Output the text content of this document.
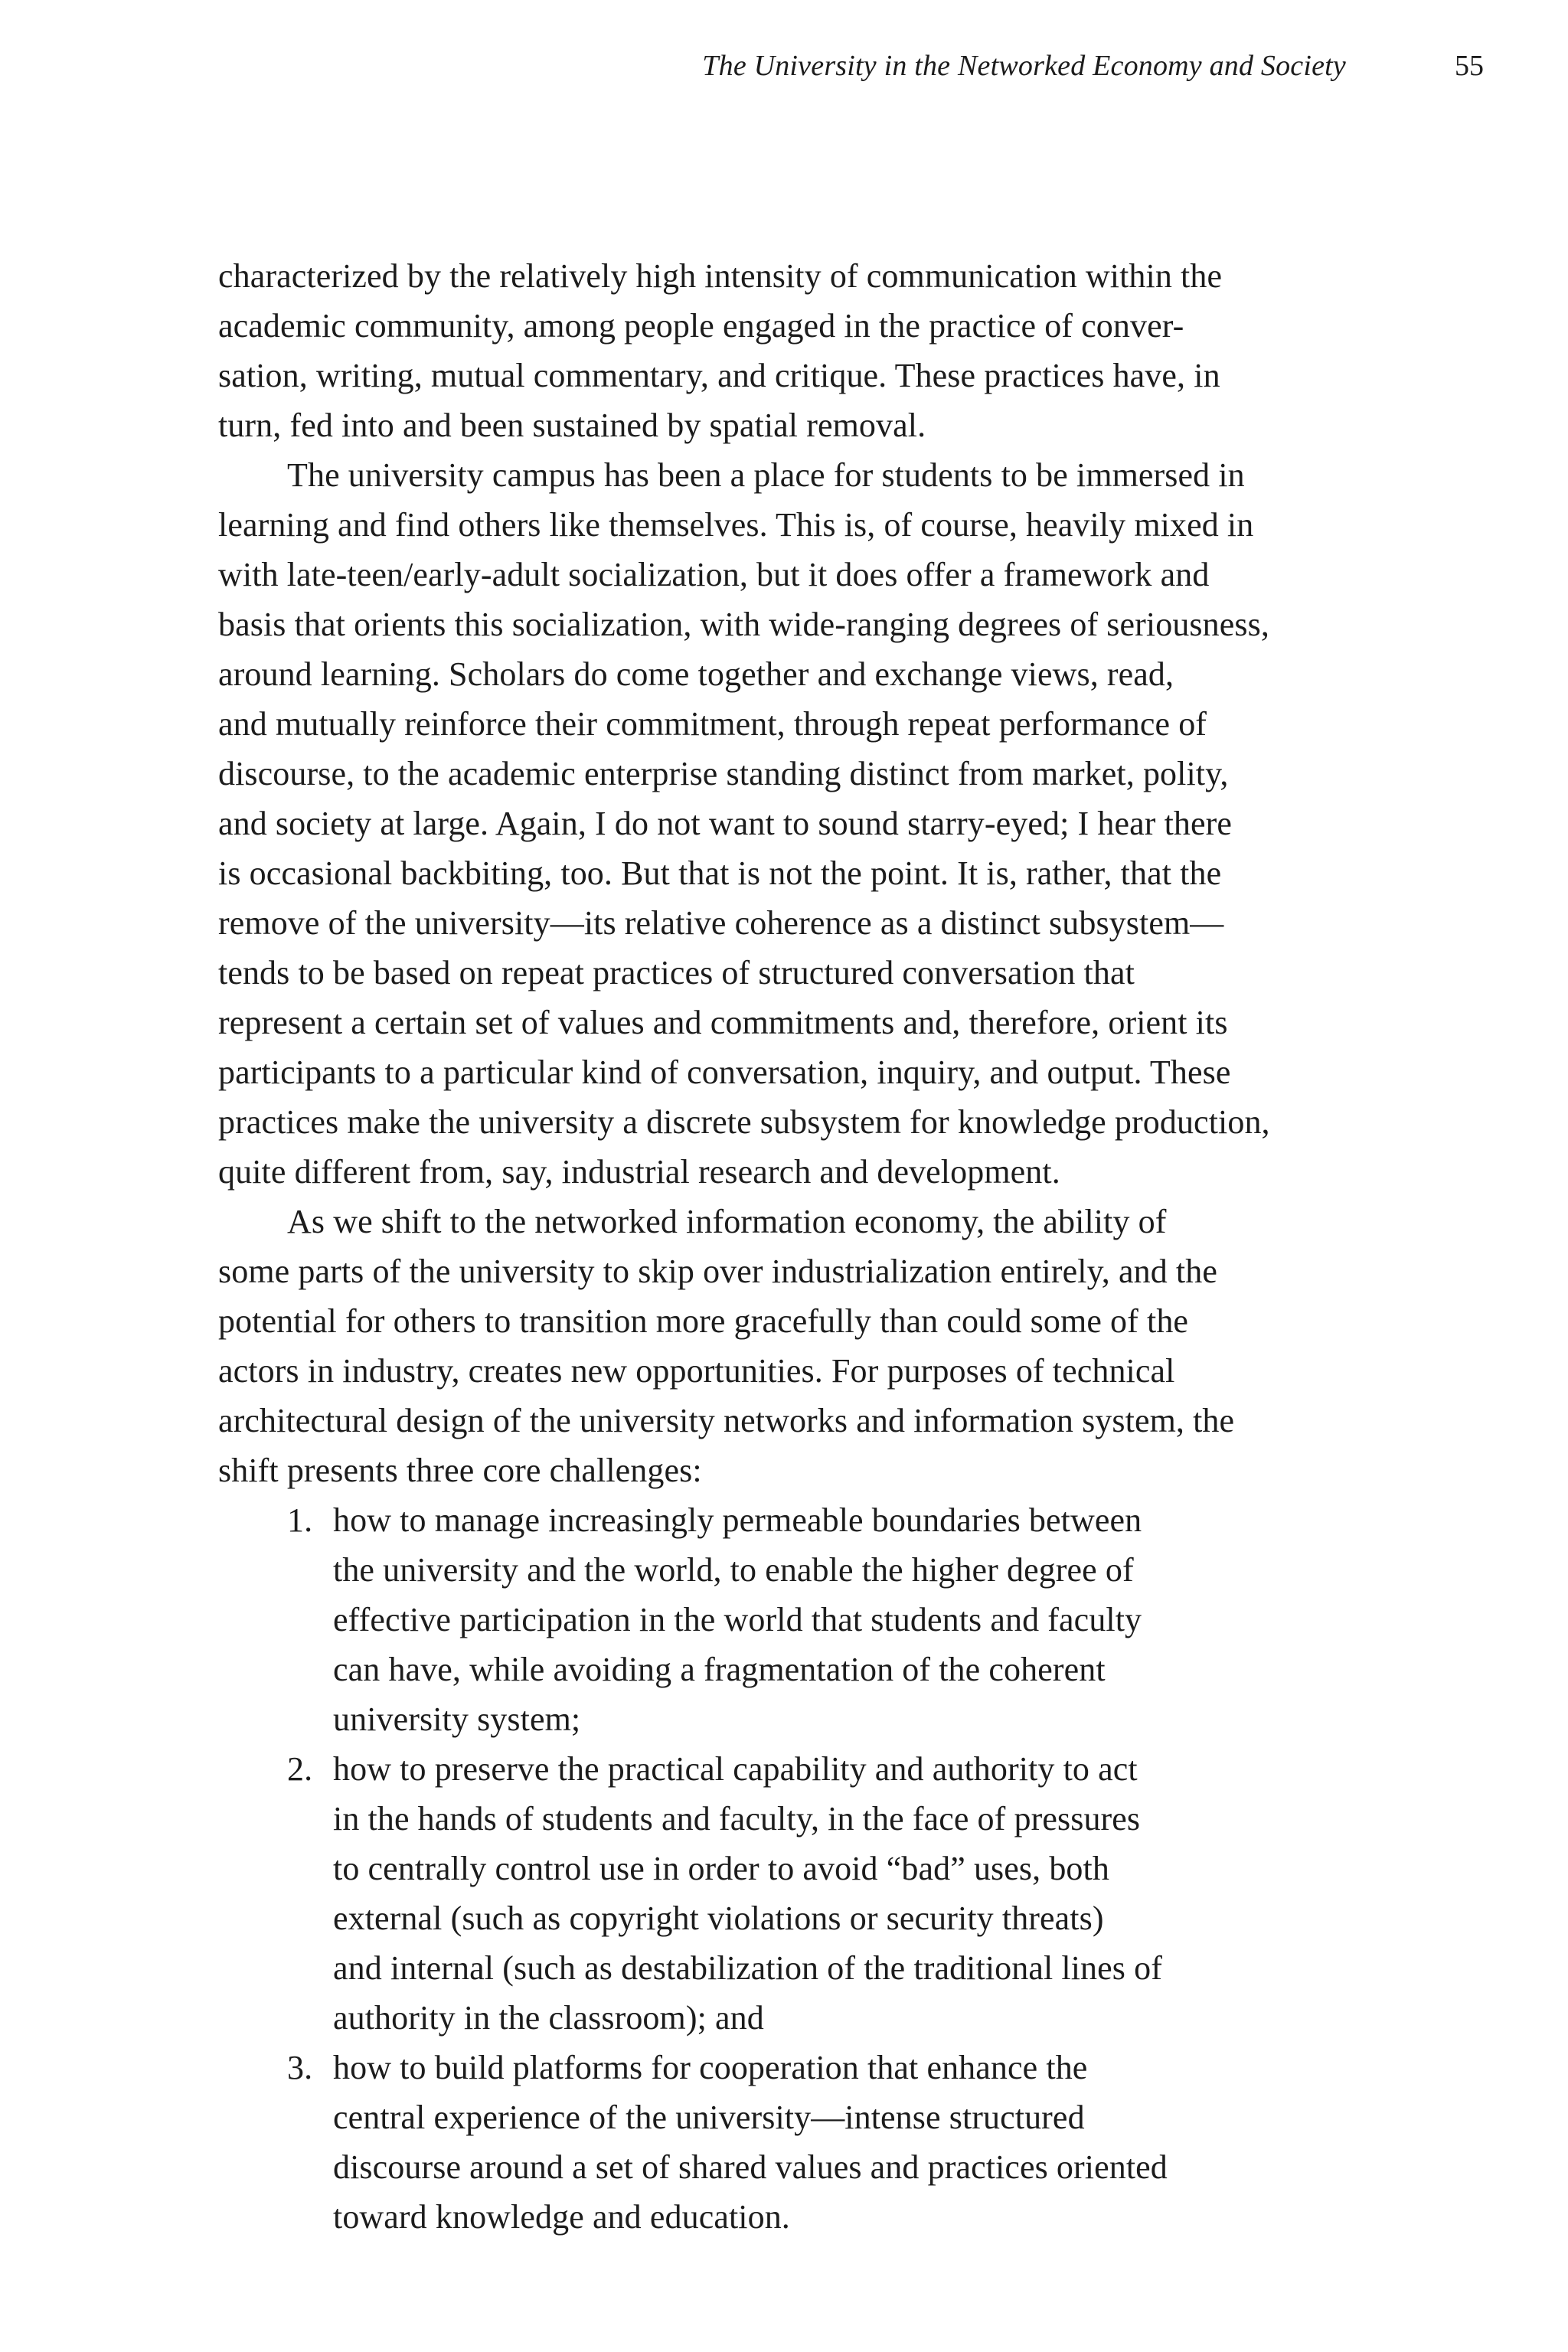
The University in the Networked Economy and Society	55
characterized by the relatively high intensity of communication within the
academic community, among people engaged in the practice of conver-
sation, writing, mutual commentary, and critique. These practices have, in
turn, fed into and been sustained by spatial removal.
The university campus has been a place for students to be immersed in
learning and find others like themselves. This is, of course, heavily mixed in
with late-teen/early-adult socialization, but it does offer a framework and
basis that orients this socialization, with wide-ranging degrees of seriousness,
around learning. Scholars do come together and exchange views, read,
and mutually reinforce their commitment, through repeat performance of
discourse, to the academic enterprise standing distinct from market, polity,
and society at large. Again, I do not want to sound starry-eyed; I hear there
is occasional backbiting, too. But that is not the point. It is, rather, that the
remove of the university—its relative coherence as a distinct subsystem—
tends to be based on repeat practices of structured conversation that
represent a certain set of values and commitments and, therefore, orient its
participants to a particular kind of conversation, inquiry, and output. These
practices make the university a discrete subsystem for knowledge production,
quite different from, say, industrial research and development.
As we shift to the networked information economy, the ability of
some parts of the university to skip over industrialization entirely, and the
potential for others to transition more gracefully than could some of the
actors in industry, creates new opportunities. For purposes of technical
architectural design of the university networks and information system, the
shift presents three core challenges:
1. how to manage increasingly permeable boundaries between
the university and the world, to enable the higher degree of
effective participation in the world that students and faculty
can have, while avoiding a fragmentation of the coherent
university system;
2. how to preserve the practical capability and authority to act
in the hands of students and faculty, in the face of pressures
to centrally control use in order to avoid “bad” uses, both
external (such as copyright violations or security threats)
and internal (such as destabilization of the traditional lines of
authority in the classroom); and
3. how to build platforms for cooperation that enhance the
central experience of the university—intense structured
discourse around a set of shared values and practices oriented
toward knowledge and education.
